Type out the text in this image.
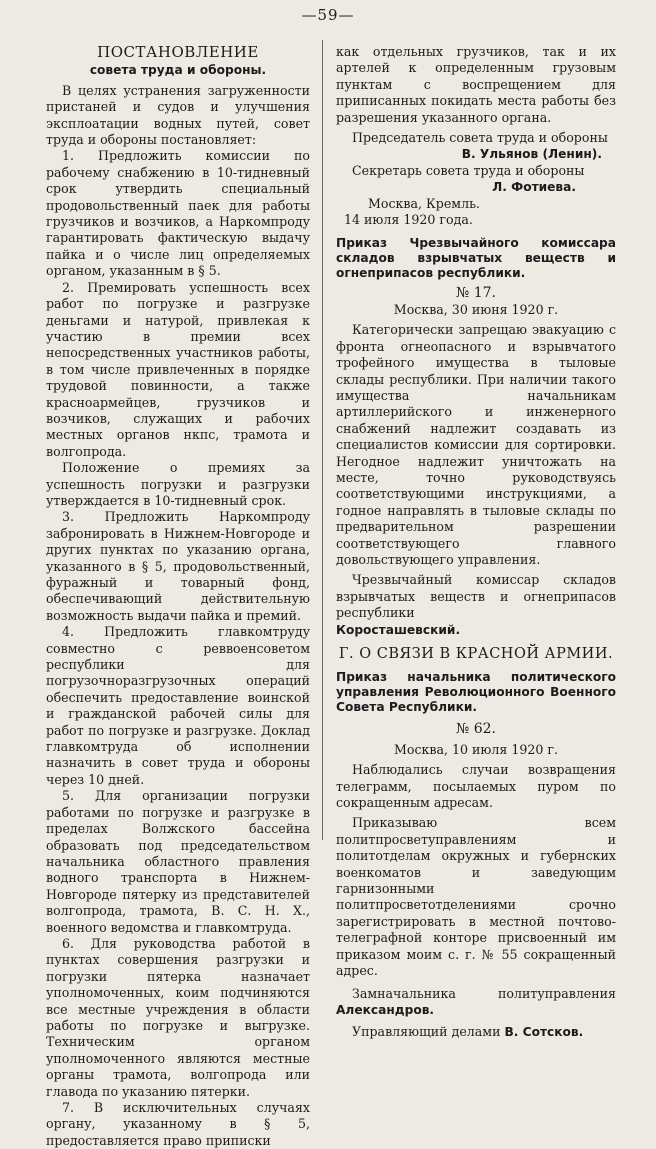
—59—

ПОСТАНОВЛЕНИЕ

совета труда и обороны.

В целях устранения загруженности пристаней и судов и улучшения эксплоатации водных путей, совет труда и обороны постановляет:

1. Предложить комиссии по рабочему снабжению в 10-тидневный срок утвердить специальный продовольственный паек для работы грузчиков и возчиков, а Наркомпроду гарантировать фактическую выдачу пайка и о числе лиц определяемых органом, указанным в § 5.

2. Премировать успешность всех работ по погрузке и разгрузке деньгами и натурой, привлекая к участию в премии всех непосредственных участников работы, в том числе привлеченных в порядке трудовой повинности, а также красноармейцев, грузчиков и возчиков, служащих и рабочих местных органов нкпс, трамота и волгопрода.

Положение о премиях за успешность погрузки и разгрузки утверждается в 10-тидневный срок.

3. Предложить Наркомпроду забронировать в Нижнем-Новгороде и других пунктах по указанию органа, указанного в § 5, продовольственный, фуражный и товарный фонд, обеспечивающий действительную возможность выдачи пайка и премий.

4. Предложить главкомтруду совместно с реввоенсоветом республики для погрузочноразгрузочных операций обеспечить предоставление воинской и гражданской рабочей силы для работ по погрузке и разгрузке. Доклад главкомтруда об исполнении назначить в совет труда и обороны через 10 дней.

5. Для организации погрузки работами по погрузке и разгрузке в пределах Волжского бассейна образовать под председательством начальника областного правления водного транспорта в Нижнем-Новгороде пятерку из представителей волгопрода, трамота, В. С. Н. Х., военного ведомства и главкомтруда.

6. Для руководства работой в пунктах совершения разгрузки и погрузки пятерка назначает уполномоченных, коим подчиняются все местные учреждения в области работы по погрузке и выгрузке. Техническим органом уполномоченного являются местные органы трамота, волгопрода или главода по указанию пятерки.

7. В исключительных случаях органу, указанному в § 5, предоставляется право приписки

как отдельных грузчиков, так и их артелей к определенным грузовым пунктам с воспрещением для приписанных покидать места работы без разрешения указанного органа.

Председатель совета труда и обороны

В. Ульянов (Ленин).

Секретарь совета труда и обороны

Л. Фотиева.

Москва, Кремль.

14 июля 1920 года.

Приказ Чрезвычайного комиссара складов взрывчатых веществ и огнеприпасов республики.

№ 17.

Москва, 30 июня 1920 г.

Категорически запрещаю эвакуацию с фронта огнеопасного и взрывчатого трофейного имущества в тыловые склады республики. При наличии такого имущества начальникам артиллерийского и инженерного снабжений надлежит создавать из специалистов комиссии для сортировки. Негодное надлежит уничтожать на месте, точно руководствуясь соответствующими инструкциями, а годное направлять в тыловые склады по предварительном разрешении соответствующего главного довольствующего управления.

Чрезвычайный комиссар складов взрывчатых веществ и огнеприпасов республики

Коросташевский.

Г. О СВЯЗИ В КРАСНОЙ АРМИИ.

Приказ начальника политического управления Революционного Военного Совета Республики.

№ 62.

Москва, 10 июля 1920 г.

Наблюдались случаи возвращения телеграмм, посылаемых пуром по сокращенным адресам.

Приказываю всем политпросветуправлениям и политотделам окружных и губернских военкоматов и заведующим гарнизонными политпросветотделениями срочно зарегистрировать в местной почтово-телеграфной конторе присвоенный им приказом моим с. г. № 55 сокращенный адрес.

Замначальника политуправления Александров.

Управляющий делами В. Сотсков.
